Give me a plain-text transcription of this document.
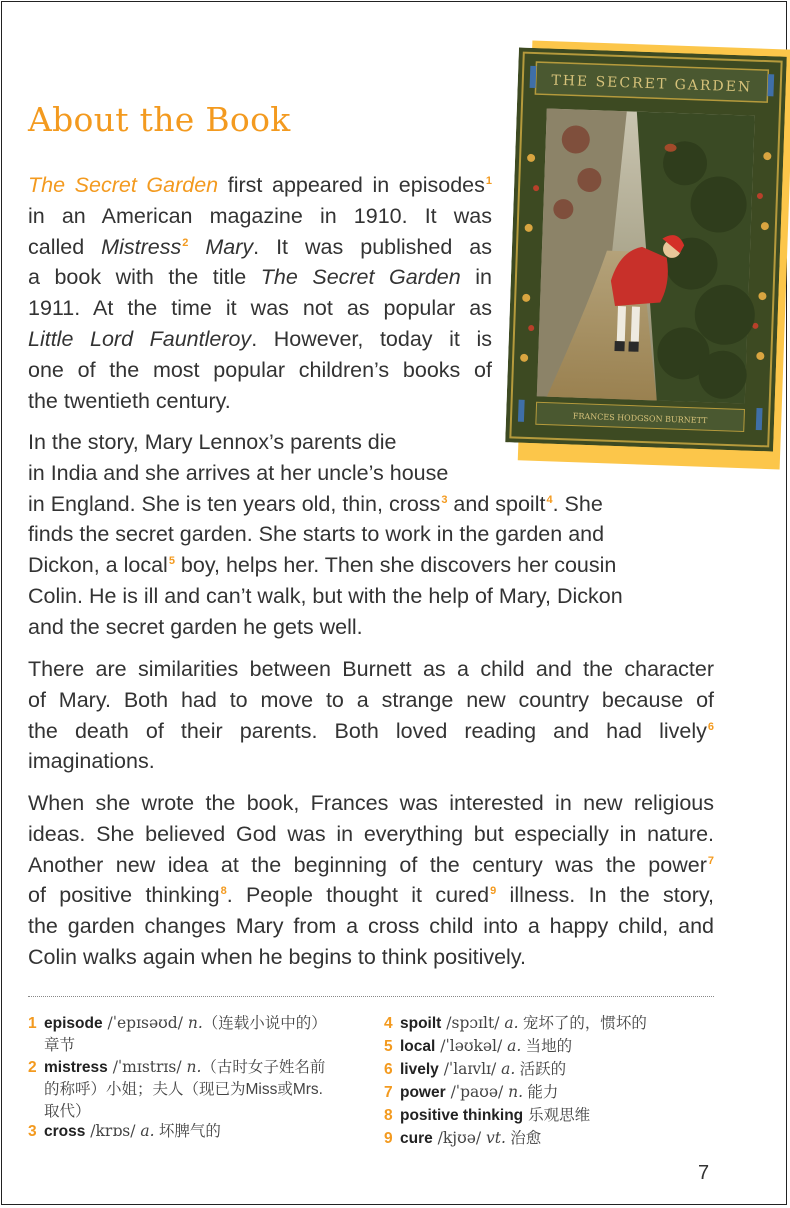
About the Book
THE SECRET GARDEN
FRANCES HODGSON BURNETT
The Secret Garden first appeared in episodes$^1$
in an American magazine in 1910. It was
called Mistress$^2$ Mary. It was published as
a book with the title The Secret Garden in
1911. At the time it was not as popular as
Little Lord Fauntleroy. However, today it is
one of the most popular children’s books of
the twentieth century.
In the story, Mary Lennox’s parents die
in India and she arrives at her uncle’s house
in England. She is ten years old, thin, cross$^3$ and spoilt$^4$. She
finds the secret garden. She starts to work in the garden and
Dickon, a local$^5$ boy, helps her. Then she discovers her cousin
Colin. He is ill and can’t walk, but with the help of Mary, Dickon
and the secret garden he gets well.
There are similarities between Burnett as a child and the character
of Mary. Both had to move to a strange new country because of
the death of their parents. Both loved reading and had lively$^6$
imaginations.
When she wrote the book, Frances was interested in new religious
ideas. She believed God was in everything but especially in nature.
Another new idea at the beginning of the century was the power$^7$
of positive thinking$^8$. People thought it cured$^9$ illness. In the story,
the garden changes Mary from a cross child into a happy child, and
Colin walks again when he begins to think positively.
1 episode /ˈepɪsəʊd/ n.（连载小说中的）
章节
2 mistress /ˈmɪstrɪs/ n.（古时女子姓名前
的称呼）小姐；夫人（现已为Miss或Mrs.
取代）
3 cross /krɒs/ a. 坏脾气的
4 spoilt /spɔɪlt/ a. 宠坏了的，惯坏的
5 local /ˈləʊkəl/ a. 当地的
6 lively /ˈlaɪvlɪ/ a. 活跃的
7 power /ˈpaʊə/ n. 能力
8 positive thinking 乐观思维
9 cure /kjʊə/ vt. 治愈
7
